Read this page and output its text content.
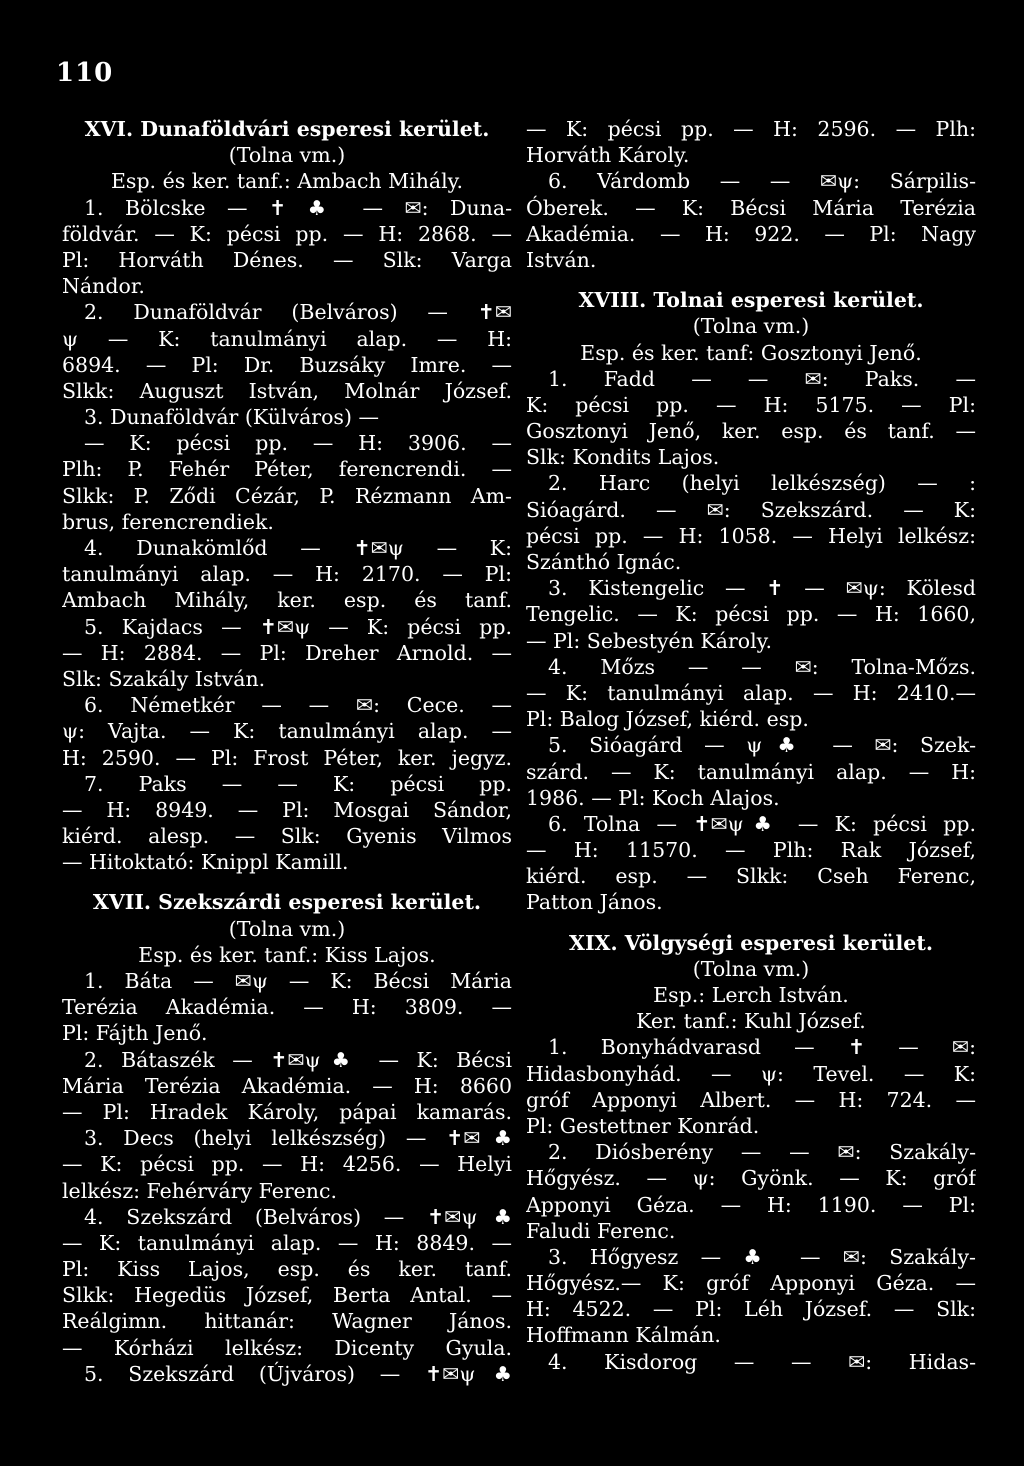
110
XVI. Dunaföldvári esperesi kerület.
(Tolna vm.)
Esp. és ker. tanf.: Ambach Mihály.
1. Bölcske — ✝ ♣ — ✉: Duna-
földvár. — K: pécsi pp. — H: 2868. —
Pl: Horváth Dénes. — Slk: Varga
Nándor.
2. Dunaföldvár (Belváros) — ✝✉
ψ — K: tanulmányi alap. — H:
6894. — Pl: Dr. Buzsáky Imre. —
Slkk: Auguszt István, Molnár József.
3. Dunaföldvár (Külváros) —
— K: pécsi pp. — H: 3906. —
Plh: P. Fehér Péter, ferencrendi. —
Slkk: P. Ződi Cézár, P. Rézmann Am-
brus, ferencrendiek.
4. Dunakömlőd — ✝✉ψ — K:
tanulmányi alap. — H: 2170. — Pl:
Ambach Mihály, ker. esp. és tanf.
5. Kajdacs — ✝✉ψ — K: pécsi pp.
— H: 2884. — Pl: Dreher Arnold. —
Slk: Szakály István.
6. Németkér — — ✉: Cece. —
ψ: Vajta. — K: tanulmányi alap. —
H: 2590. — Pl: Frost Péter, ker. jegyz.
7. Paks — — K: pécsi pp.
— H: 8949. — Pl: Mosgai Sándor,
kiérd. alesp. — Slk: Gyenis Vilmos
— Hitoktató: Knippl Kamill.
XVII. Szekszárdi esperesi kerület.
(Tolna vm.)
Esp. és ker. tanf.: Kiss Lajos.
1. Báta — ✉ψ — K: Bécsi Mária
Terézia Akadémia. — H: 3809. —
Pl: Fájth Jenő.
2. Bátaszék — ✝✉ψ♣ — K: Bécsi
Mária Terézia Akadémia. — H: 8660
— Pl: Hradek Károly, pápai kamarás.
3. Decs (helyi lelkészség) — ✝✉♣
— K: pécsi pp. — H: 4256. — Helyi
lelkész: Fehérváry Ferenc.
4. Szekszárd (Belváros) — ✝✉ψ♣
— K: tanulmányi alap. — H: 8849. —
Pl: Kiss Lajos, esp. és ker. tanf.
Slkk: Hegedüs József, Berta Antal. —
Reálgimn. hittanár: Wagner János.
— Kórházi lelkész: Dicenty Gyula.
5. Szekszárd (Újváros) — ✝✉ψ♣
— K: pécsi pp. — H: 2596. — Plh:
Horváth Károly.
6. Várdomb — — ✉ψ: Sárpilis-
Óberek. — K: Bécsi Mária Terézia
Akadémia. — H: 922. — Pl: Nagy
István.
XVIII. Tolnai esperesi kerület.
(Tolna vm.)
Esp. és ker. tanf: Gosztonyi Jenő.
1. Fadd — — ✉: Paks. —
K: pécsi pp. — H: 5175. — Pl:
Gosztonyi Jenő, ker. esp. és tanf. —
Slk: Kondits Lajos.
2. Harc (helyi lelkészség) — :
Sióagárd. — ✉: Szekszárd. — K:
pécsi pp. — H: 1058. — Helyi lelkész:
Szánthó Ignác.
3. Kistengelic — ✝ — ✉ψ: Kölesd
Tengelic. — K: pécsi pp. — H: 1660,
— Pl: Sebestyén Károly.
4. Mőzs — — ✉: Tolna-Mőzs.
— K: tanulmányi alap. — H: 2410.—
Pl: Balog József, kiérd. esp.
5. Sióagárd — ψ♣ — ✉: Szek-
szárd. — K: tanulmányi alap. — H:
1986. — Pl: Koch Alajos.
6. Tolna — ✝✉ψ♣ — K: pécsi pp.
— H: 11570. — Plh: Rak József,
kiérd. esp. — Slkk: Cseh Ferenc,
Patton János.
XIX. Völgységi esperesi kerület.
(Tolna vm.)
Esp.: Lerch István.
Ker. tanf.: Kuhl József.
1. Bonyhádvarasd — ✝ — ✉:
Hidasbonyhád. — ψ: Tevel. — K:
gróf Apponyi Albert. — H: 724. —
Pl: Gestettner Konrád.
2. Diósberény — — ✉: Szakály-
Hőgyész. — ψ: Gyönk. — K: gróf
Apponyi Géza. — H: 1190. — Pl:
Faludi Ferenc.
3. Hőgyesz — ♣ — ✉: Szakály-
Hőgyész.— K: gróf Apponyi Géza. —
H: 4522. — Pl: Léh József. — Slk:
Hoffmann Kálmán.
4. Kisdorog — — ✉: Hidas-
